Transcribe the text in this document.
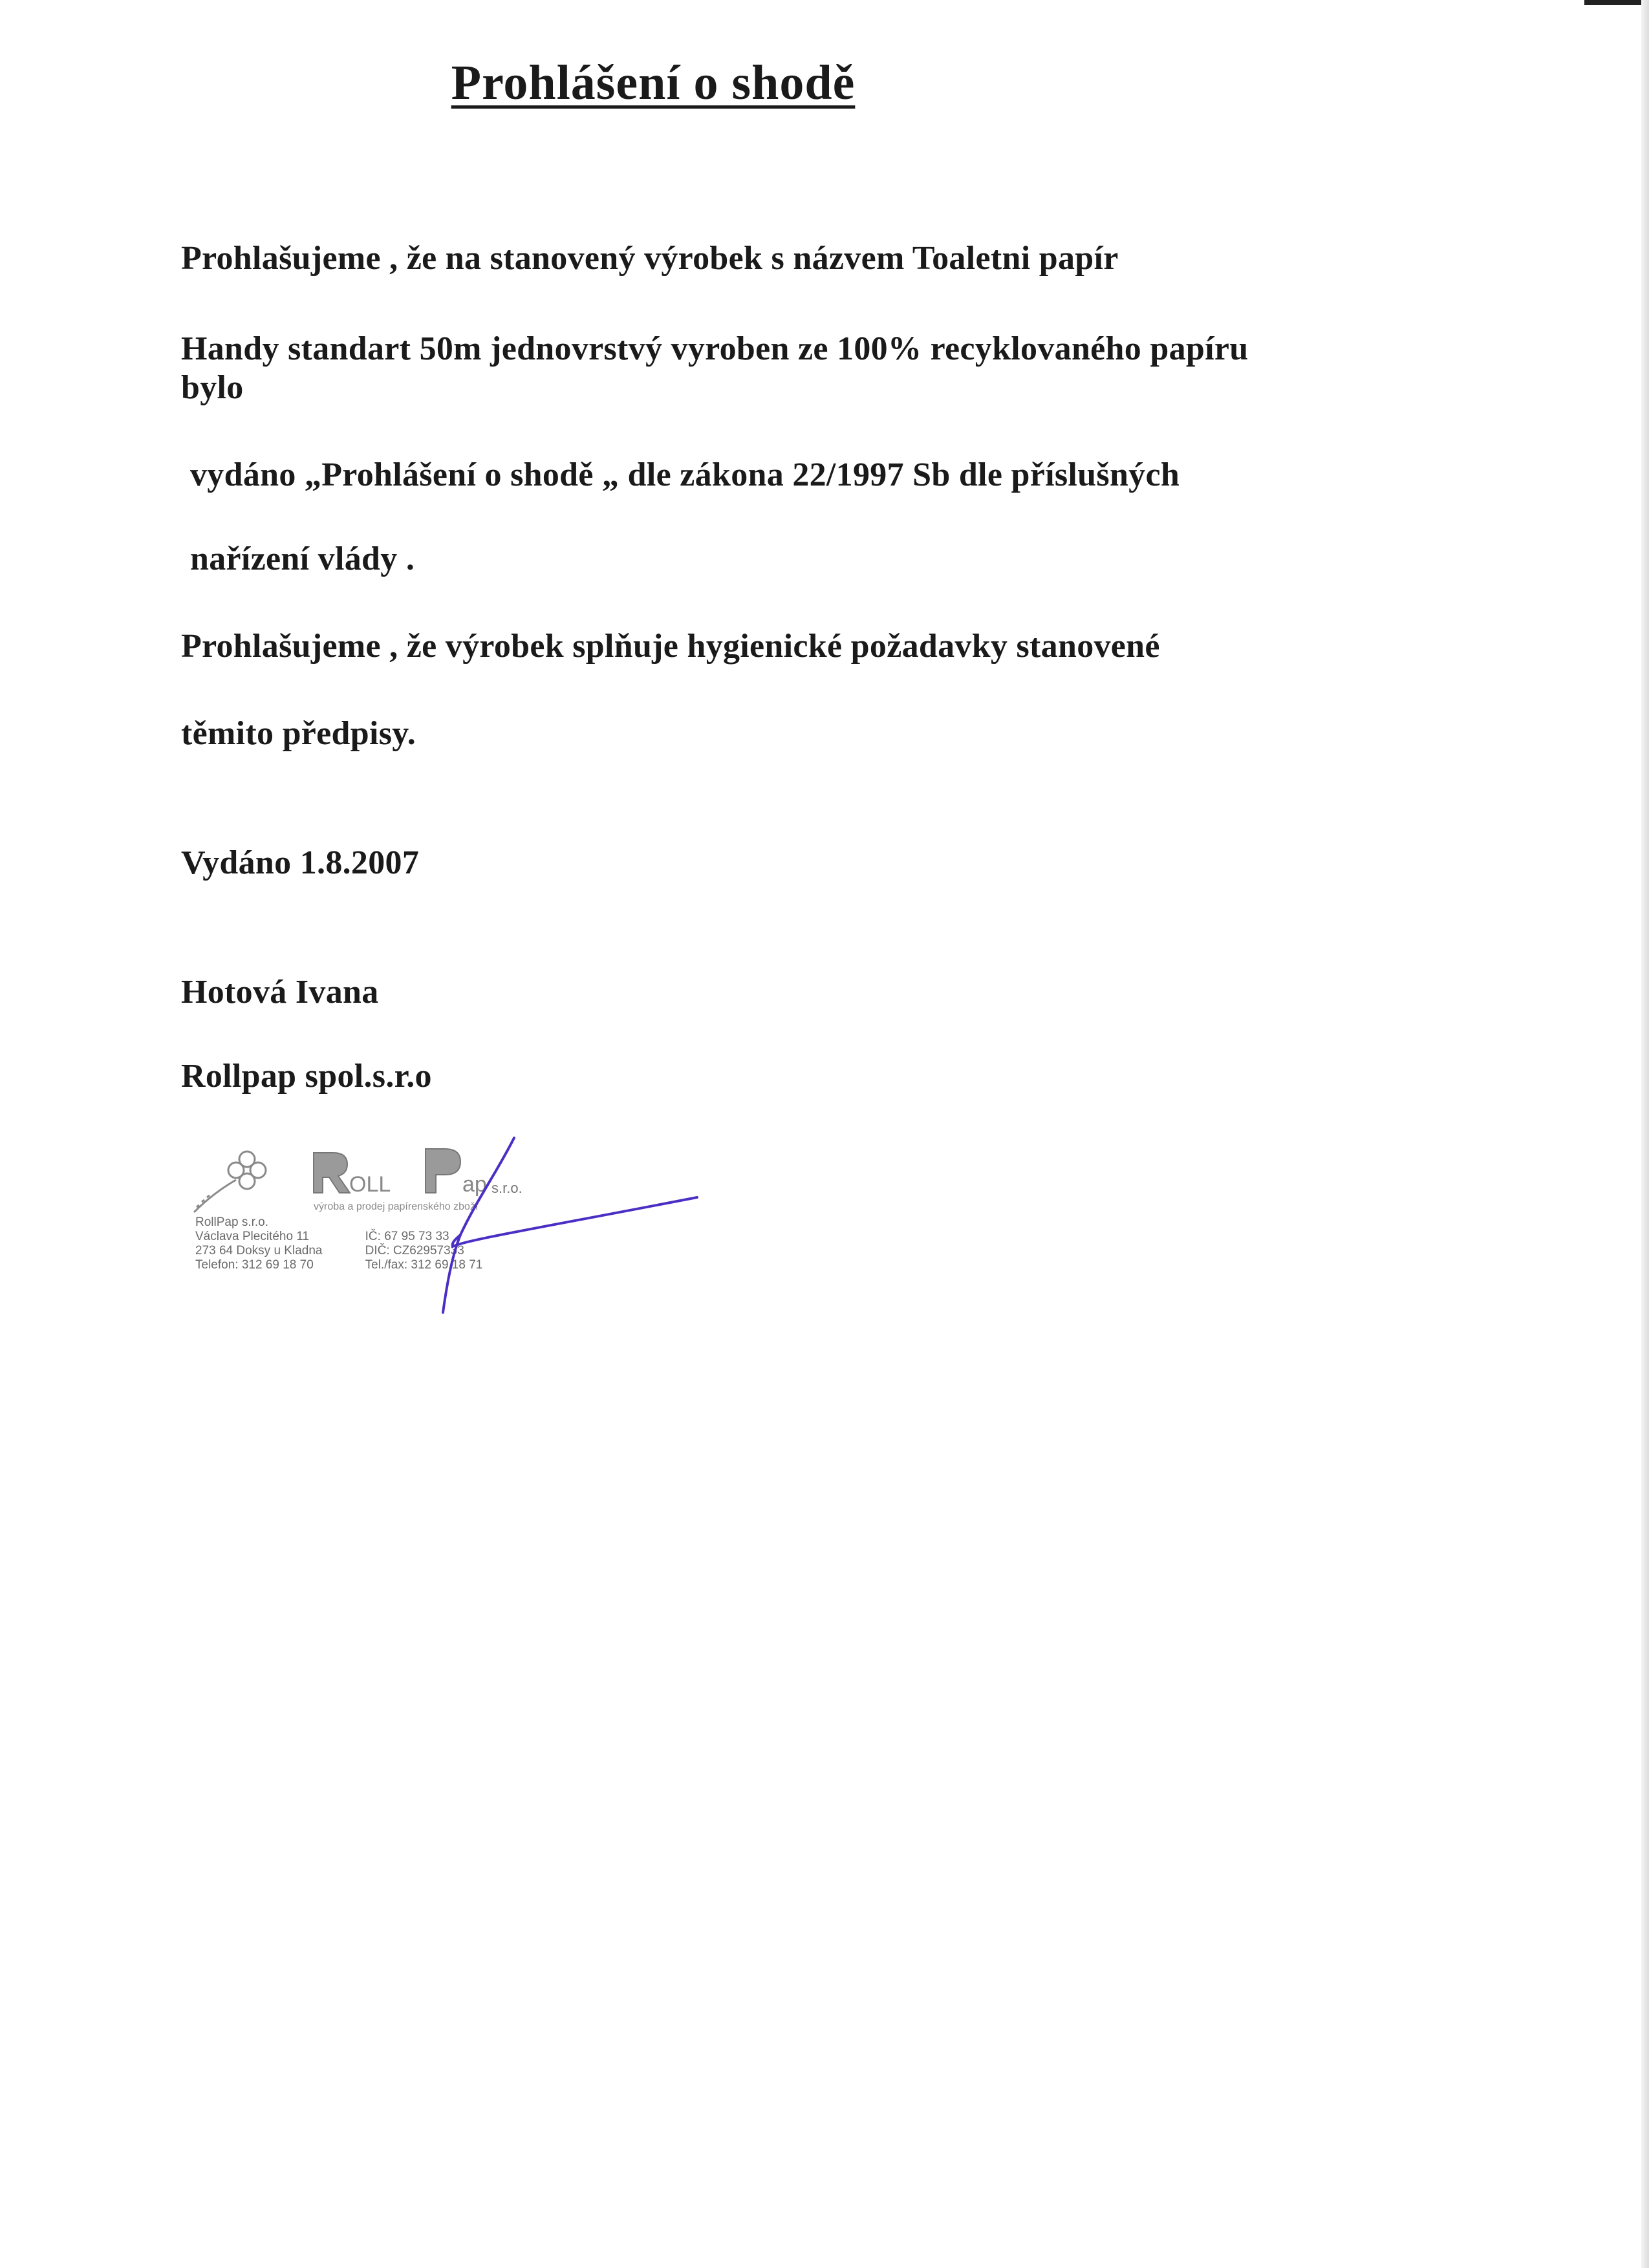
Prohlášení o shodě
Prohlašujeme , že na stanovený výrobek s názvem Toaletni papír
Handy standart 50m jednovrstvý vyroben ze 100% recyklovaného papíru
bylo
vydáno „Prohlášení o shodě „ dle zákona 22/1997 Sb dle příslušných
nařízení vlády .
Prohlašujeme , že výrobek splňuje hygienické požadavky stanovené
těmito předpisy.
Vydáno 1.8.2007
Hotová Ivana
Rollpap spol.s.r.o
OLL	ap s.r.o.
výroba a prodej papírenského zboží
RollPap s.r.o.
Václava Plecitého 11	IČ: 67 95 73 33
273 64 Doksy u Kladna	DIČ: CZ62957333
Telefon: 312 69 18 70	Tel./fax: 312 69 18 71
